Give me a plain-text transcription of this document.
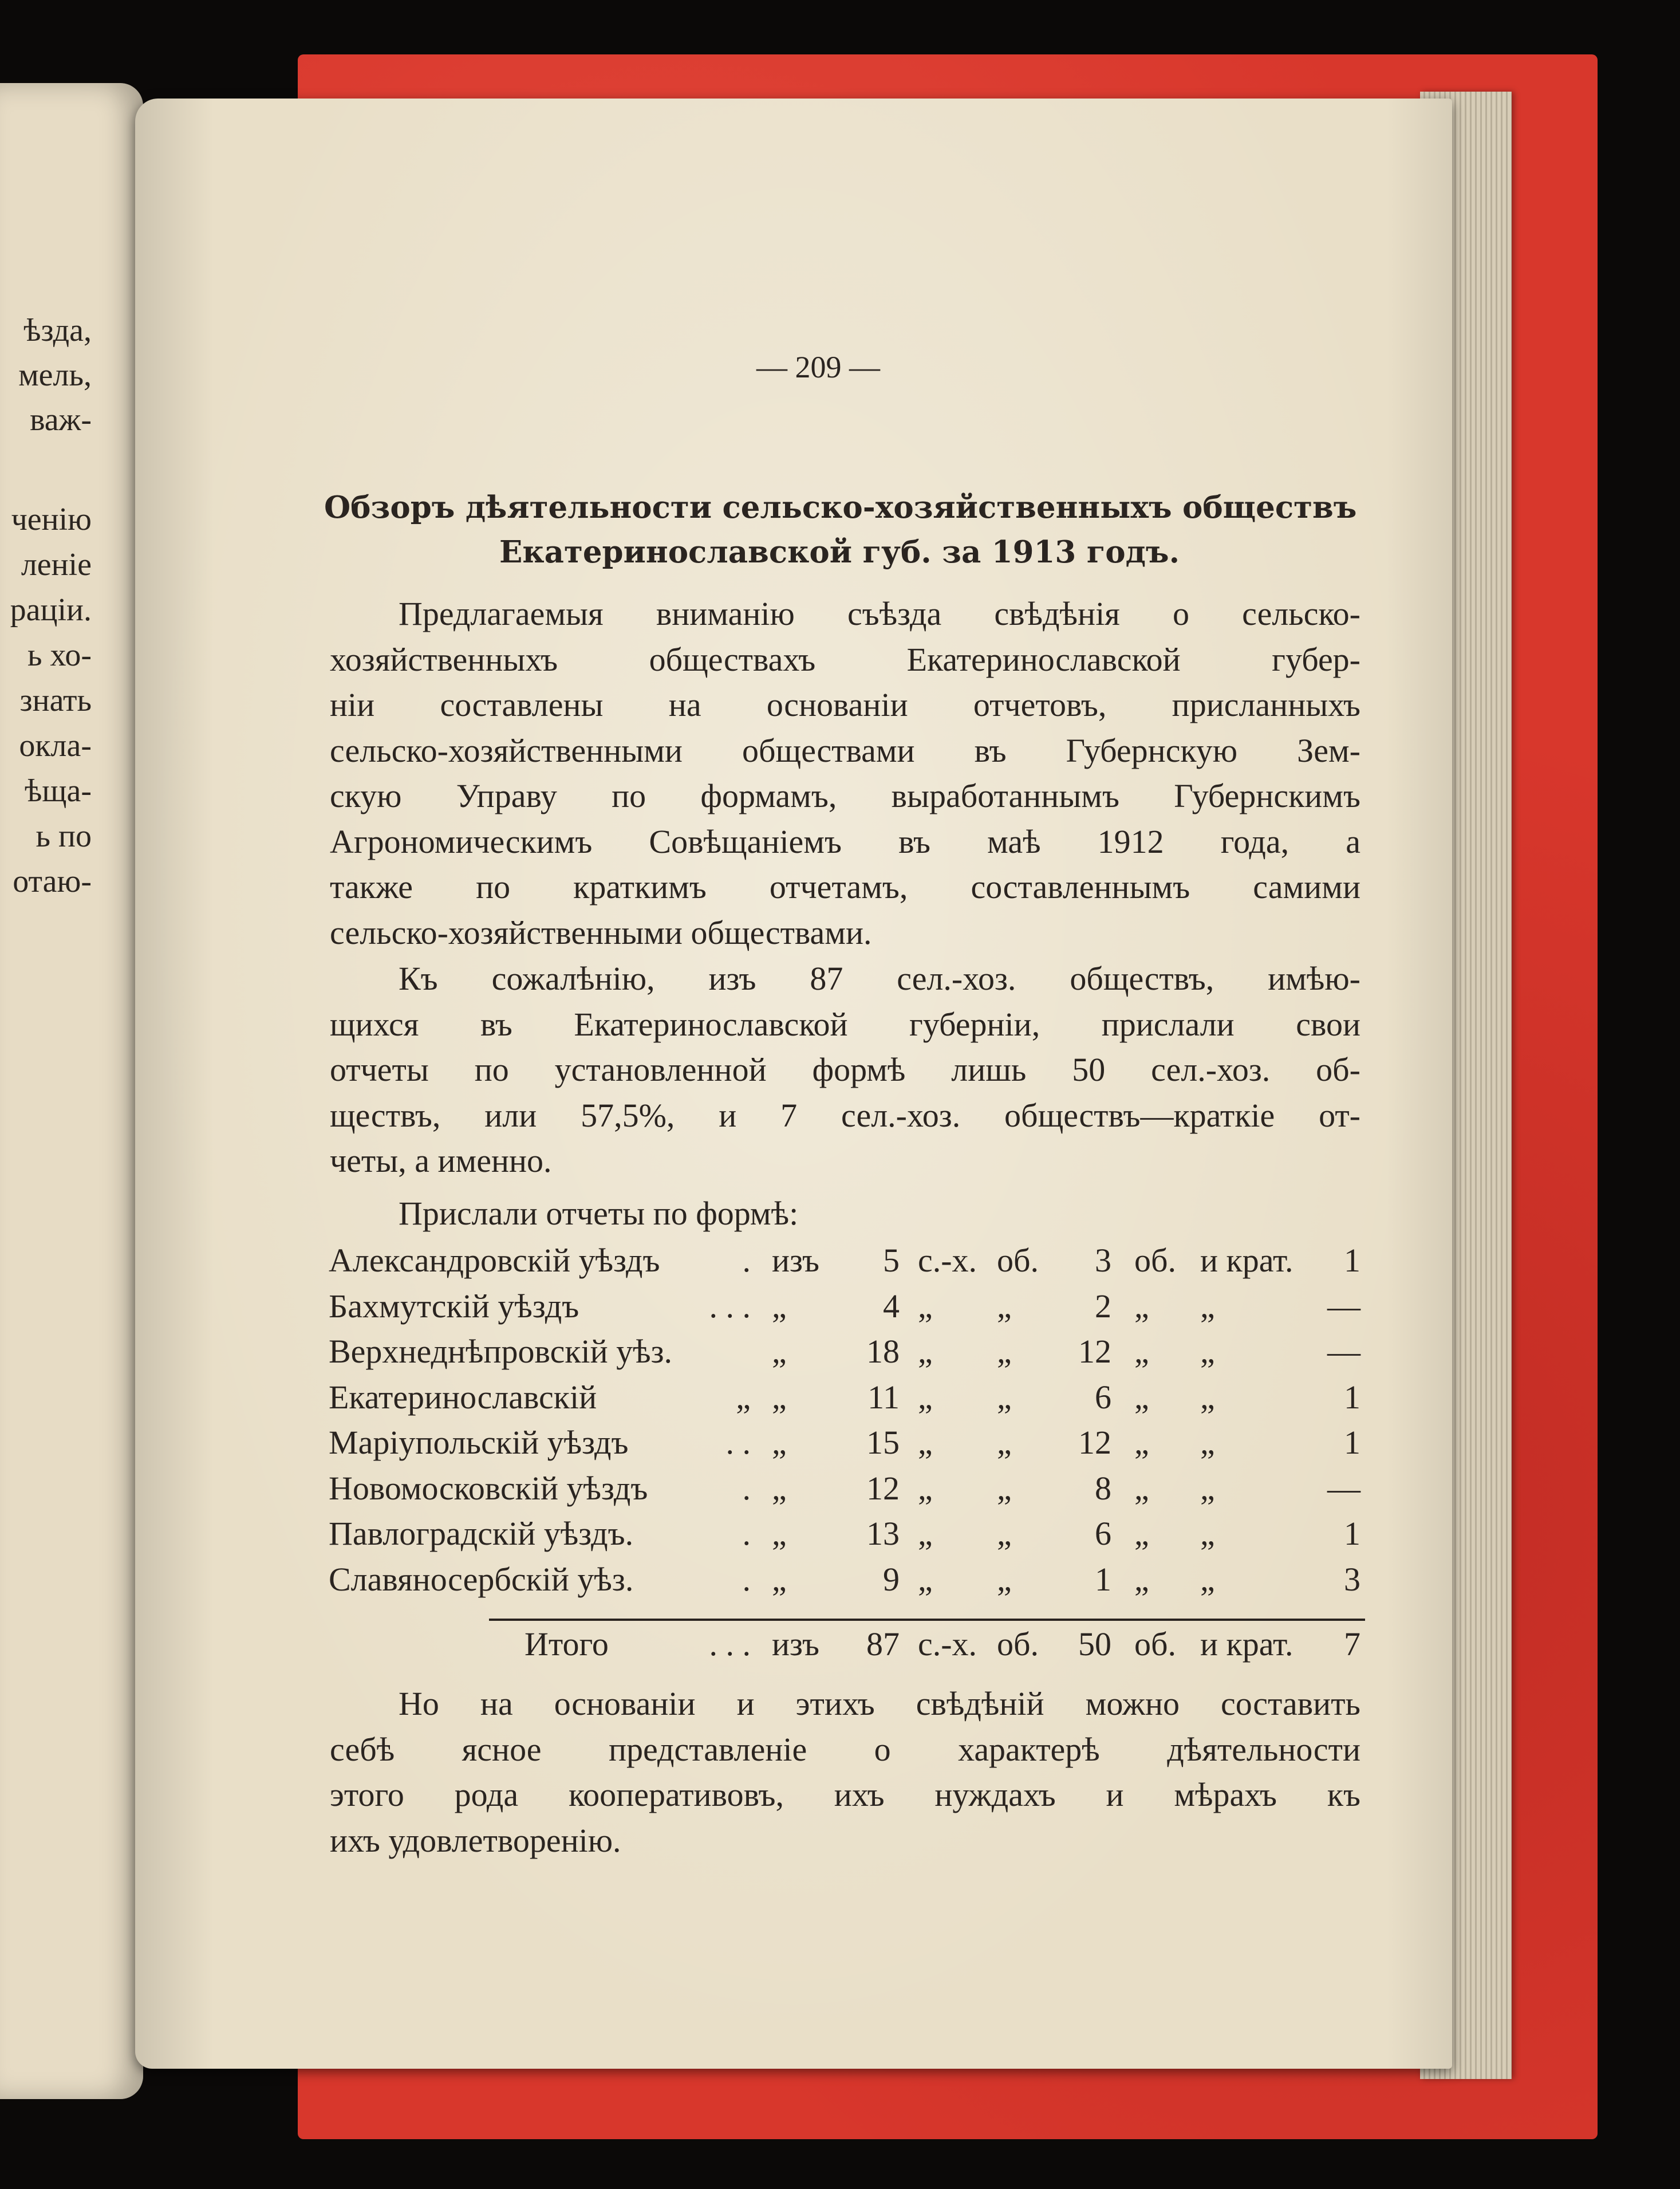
ѣзда,

мель,

важ-

ченію

леніе

раціи.

ь хо-

знать

окла-

ѣща-

ь по

отаю-

— 209 —

Обзоръ дѣятельности сельско-хозяйственныхъ обществъ

Екатеринославской губ. за 1913 годъ.

Предлагаемыя вниманію съѣзда свѣдѣнія о сельско-

хозяйственныхъ обществахъ Екатеринославской губер-

ніи составлены на основаніи отчетовъ, присланныхъ

сельско-хозяйственными обществами въ Губернскую Зем-

скую Управу по формамъ, выработаннымъ Губернскимъ

Агрономическимъ Совѣщаніемъ въ маѣ 1912 года, а

также по краткимъ отчетамъ, составленнымъ самими

сельско-хозяйственными обществами.

Къ сожалѣнію, изъ 87 сел.-хоз. обществъ, имѣю-

щихся въ Екатеринославской губерніи, прислали свои

отчеты по установленной формѣ лишь 50 сел.-хоз. об-

ществъ, или 57,5%, и 7 сел.-хоз. обществъ—краткіе от-

четы, а именно.

Прислали отчеты по формѣ:

Александровскій уѣздъ . изъ 5 с.-х. об. 3 об. и крат. 1
Бахмутскій уѣздъ	. . . „	4 „ „	2 „ „	—
Верхнеднѣпровскій уѣз.	„ 18 „ „ 12 „ „	—
Екатеринославскій	„ „ 11 „ „	6 „ „	1
Маріупольскій уѣздъ	. . „ 15 „ „ 12 „ „	1
Новомосковскій уѣздъ	. „ 12 „ „	8 „ „	—
Павлоградскій уѣздъ.	. „ 13 „ „	6 „ „	1
Славяносербскій уѣз.	. „	9 „ „	1 „ „	3
Итого	. . . изъ 87 с.-х. об. 50 об. и крат. 7

Но на основаніи и этихъ свѣдѣній можно составить

себѣ ясное представленіе о характерѣ дѣятельности

этого рода кооперативовъ, ихъ нуждахъ и мѣрахъ къ

ихъ удовлетворенію.
